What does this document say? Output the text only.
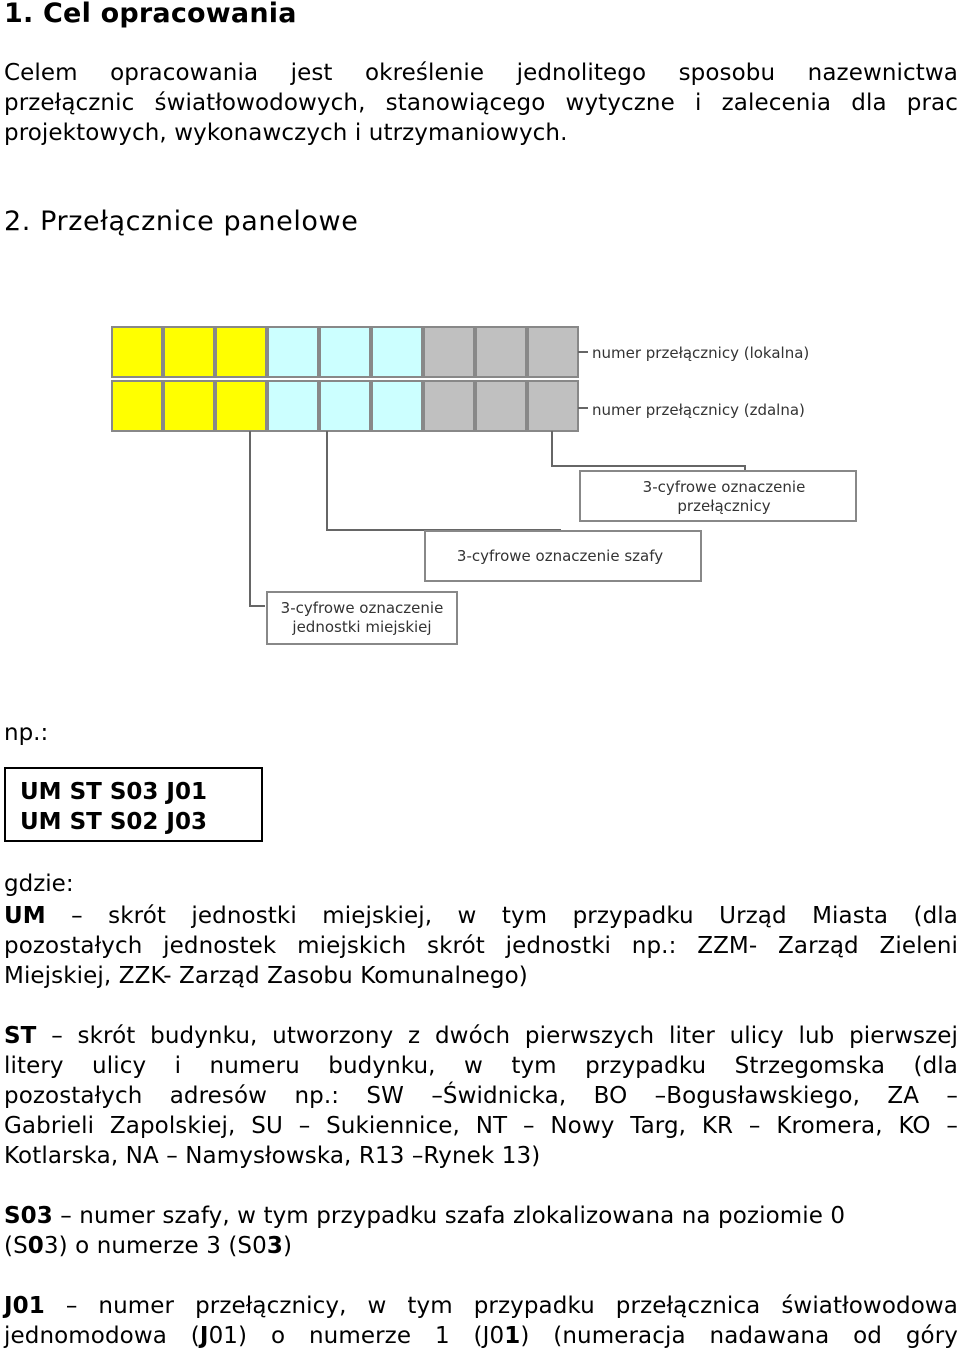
1. Cel opracowania
Celem opracowania jest określenie jednolitego sposobu nazewnictwa
przełącznic światłowodowych, stanowiącego wytyczne i zalecenia dla prac
projektowych, wykonawczych i utrzymaniowych.
2. Przełącznice panelowe
numer przełącznicy (lokalna)
numer przełącznicy (zdalna)
3-cyfrowe oznaczenie
przełącznicy
3-cyfrowe oznaczenie szafy
3-cyfrowe oznaczenie
jednostki miejskiej
np.:
UM ST S03 J01
UM ST S02 J03
gdzie:
UM – skrót jednostki miejskiej, w tym przypadku Urząd Miasta (dla
pozostałych jednostek miejskich skrót jednostki np.: ZZM- Zarząd Zieleni
Miejskiej, ZZK- Zarząd Zasobu Komunalnego)
ST – skrót budynku, utworzony z dwóch pierwszych liter ulicy lub pierwszej
litery ulicy i numeru budynku, w tym przypadku Strzegomska (dla
pozostałych adresów np.: SW –Świdnicka, BO –Bogusławskiego, ZA –
Gabrieli Zapolskiej, SU – Sukiennice, NT – Nowy Targ, KR – Kromera, KO –
Kotlarska, NA – Namysłowska, R13 –Rynek 13)
S03 – numer szafy, w tym przypadku szafa zlokalizowana na poziomie 0
(S03) o numerze 3 (S03)
J01 – numer przełącznicy, w tym przypadku przełącznica światłowodowa
jednomodowa (J01) o numerze 1 (J01) (numeracja nadawana od góry
